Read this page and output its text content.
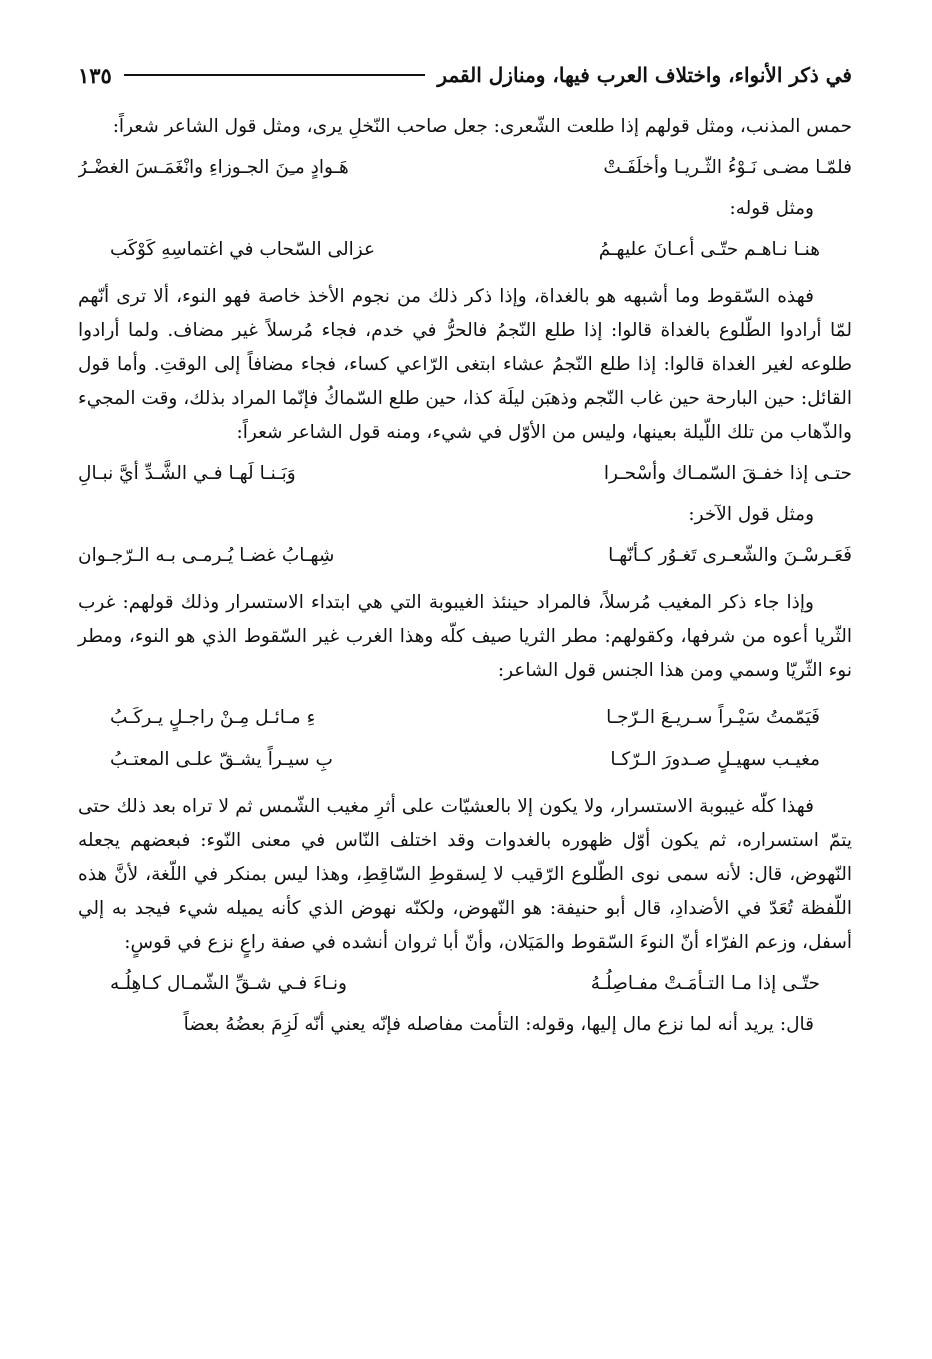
في ذكر الأنواء، واختلاف العرب فيها، ومنازل القمر
١٣٥

حمس المذنب، ومثل قولهم إذا طلعت الشّعرى: جعل صاحب النّخلِ يرى، ومثل قول الشاعر شعراً:

فلمّـا مضـى نَـوْءُ الثّـريـا وأخلَفَـتْ
هَـوادٍ مـِنَ الجـوزاءِ وانْغَمَـسَ الغضْـرُ

ومثل قوله:

هنـا نـاهـم حتّـى أعـانَ عليهـمُ
عزالى السّحاب في اغتماسِهِ كَوْكَب

فهذه السّقوط وما أشبهه هو بالغداة، وإذا ذكر ذلك من نجوم الأخذ خاصة فهو النوء، ألا ترى أنّهم لمّا أرادوا الطّلوع بالغداة قالوا: إذا طلع النّجمُ فالحرُّ في خدم، فجاء مُرسلاً غير مضاف. ولما أرادوا طلوعه لغير الغداة قالوا: إذا طلع النّجمُ عشاء ابتغى الرّاعي كساء، فجاء مضافاً إلى الوقتِ. وأما قول القائل: حين البارحة حين غاب النّجم وذهبَن ليلَة كذا، حين طلع السّماكُ فإنّما المراد بذلك، وقت المجيء والذّهاب من تلك اللّيلة بعينها، وليس من الأوّل في شيء، ومنه قول الشاعر شعراً:

حتـى إذا خفـقَ السّمـاك وأسْحـرا
وَبَـنـا لَهـا فـي الشَّـدِّ أيَّ نبـالِ

ومثل قول الآخر:

فَعَـرسْـنَ والشّعـرى تَغـوُر كـأنّهـا
شِهـابُ غضـا يُـرمـى بـه الـرّجـوان

وإذا جاء ذكر المغيب مُرسلاً، فالمراد حينئذ الغيبوبة التي هي ابتداء الاستسرار وذلك قولهم: غرب الثّريا أعوه من شرفها، وكقولهم: مطر الثريا صيف كلّه وهذا الغرب غير السّقوط الذي هو النوء، ومطر نوء الثّريّا وسمي ومن هذا الجنس قول الشاعر:

فَيَمّمتُ سَيْـراً سـريـعَ الـرّجـا
ءِ مـائـل مِـنْ راجـلٍ يـركَـبُ
مغيـب سهيـلٍ صـدورَ الـرّكـا
بِ سيـراً يشـقّ علـى المعتـبُ

فهذا كلّه غيبوبة الاستسرار، ولا يكون إلا بالعشيّات على أثرِ مغيب الشّمس ثم لا تراه بعد ذلك حتى يتمّ استسراره، ثم يكون أوّل ظهوره بالغدوات وقد اختلف النّاس في معنى النّوء: فبعضهم يجعله النّهوض، قال: لأنه سمى نوى الطّلوع الرّقيب لا لِسقوطِ السّاقِطِ، وهذا ليس بمنكر في اللّغة، لأنَّ هذه اللّفظة تُعَدّ في الأضدادِ، قال أبو حنيفة: هو النّهوض، ولكنّه نهوض الذي كأنه يميله شيء فيجد به إلي أسفل، وزعم الفرّاء أنّ النوءَ السّقوط والمَيَلان، وأنّ أبا ثروان أنشده في صفة راعٍ نزع في قوسٍ:

حتّـى إذا مـا التـأمَـتْ مفـاصِلُـهُ
ونـاءَ فـي شـقِّ الشّمـال كـاهِلُـه

قال: يريد أنه لما نزع مال إليها، وقوله: التأمت مفاصله فإنّه يعني أنّه لَزِمَ بعضُهُ بعضاً
